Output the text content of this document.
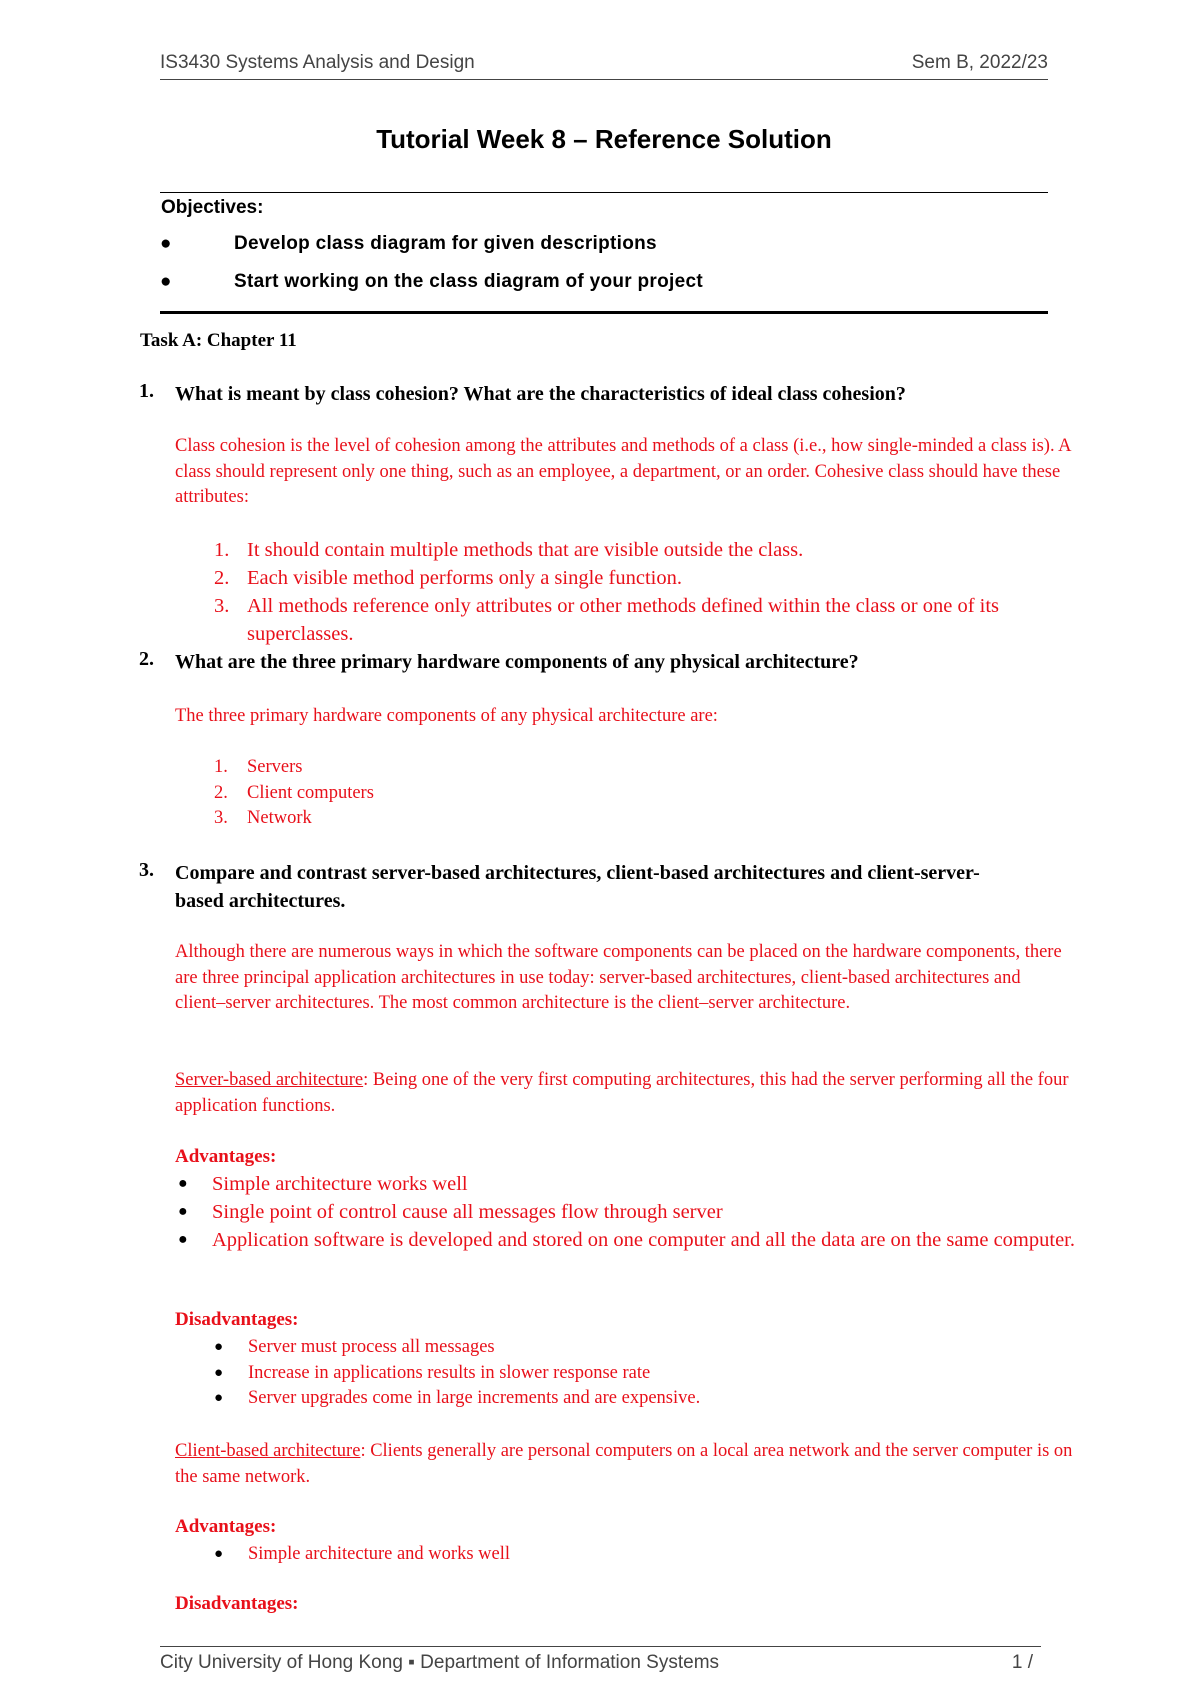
IS3430 Systems Analysis and Design	Sem B, 2022/23
Tutorial Week 8 – Reference Solution
Objectives:
●	Develop class diagram for given descriptions
●	Start working on the class diagram of your project
Task A: Chapter 11
1. What is meant by class cohesion? What are the characteristics of ideal class cohesion?
Class cohesion is the level of cohesion among the attributes and methods of a class (i.e., how single-minded a class is). A class should represent only one thing, such as an employee, a department, or an order. Cohesive class should have these attributes:
1. It should contain multiple methods that are visible outside the class.
2. Each visible method performs only a single function.
3. All methods reference only attributes or other methods defined within the class or one of its superclasses.
2. What are the three primary hardware components of any physical architecture?
The three primary hardware components of any physical architecture are:
1. Servers
2. Client computers
3. Network
3. Compare and contrast server-based architectures, client-based architectures and client-server- based architectures.
Although there are numerous ways in which the software components can be placed on the hardware components, there are three principal application architectures in use today: server-based architectures, client-based architectures and client–server architectures. The most common architecture is the client–server architecture.
Server-based architecture: Being one of the very first computing architectures, this had the server performing all the four application functions.
Advantages:
● Simple architecture works well
● Single point of control cause all messages flow through server
● Application software is developed and stored on one computer and all the data are on the same computer.
Disadvantages:
● Server must process all messages
● Increase in applications results in slower response rate
● Server upgrades come in large increments and are expensive.
Client-based architecture: Clients generally are personal computers on a local area network and the server computer is on the same network.
Advantages:
● Simple architecture and works well
Disadvantages:
City University of Hong Kong ▪ Department of Information Systems	1 /
